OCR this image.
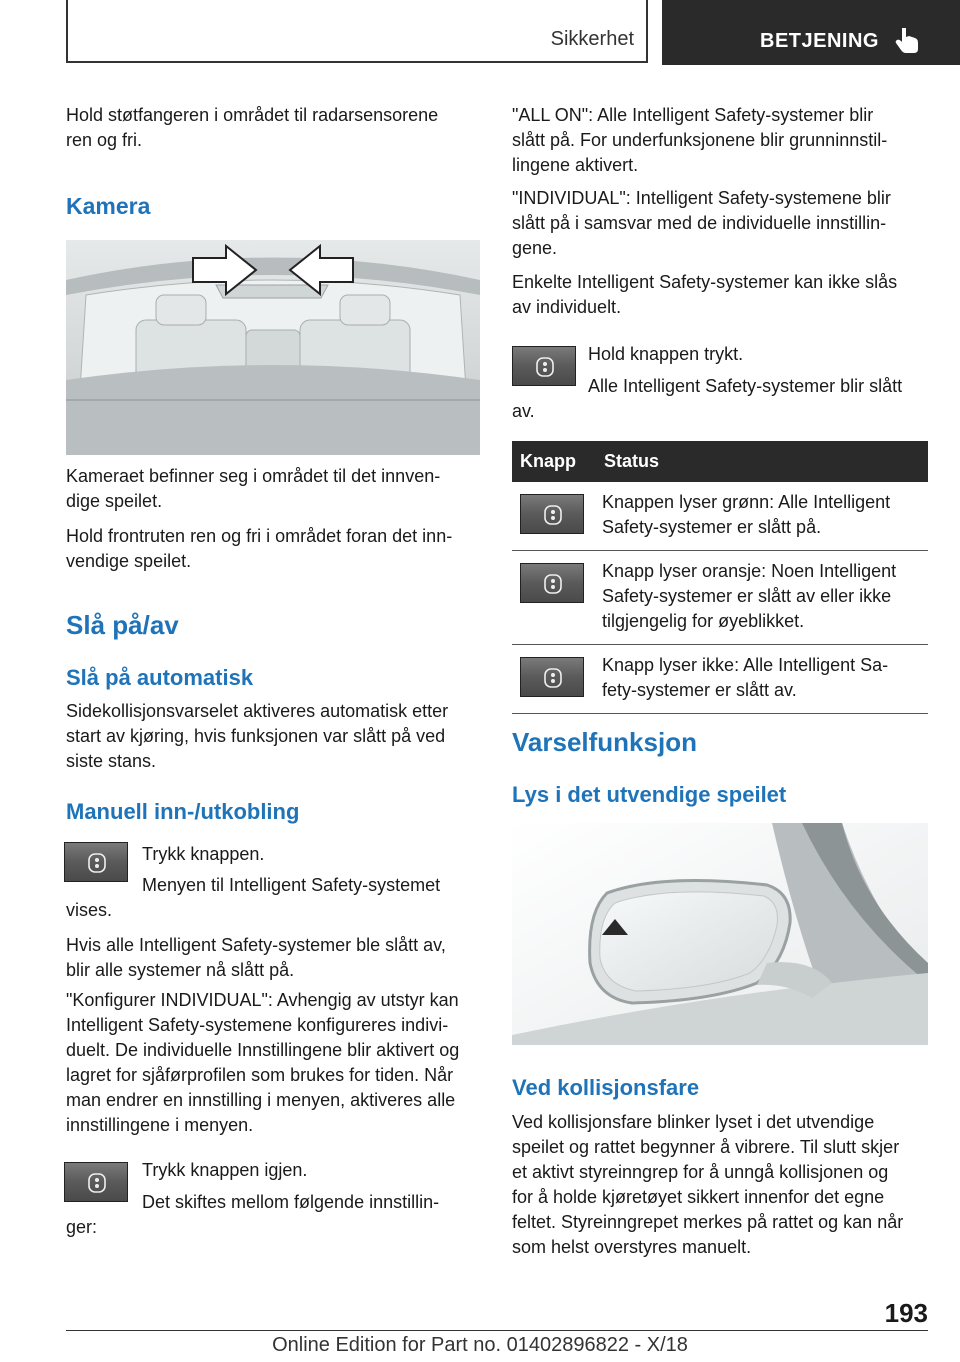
Sikkerhet	BETJENING
Hold støtfangeren i området til radarsensorene
ren og fri.
Kamera
Kameraet befinner seg i området til det innven-
dige speilet.
Hold frontruten ren og fri i området foran det inn-
vendige speilet.
Slå på/av
Slå på automatisk
Sidekollisjonsvarselet aktiveres automatisk etter
start av kjøring, hvis funksjonen var slått på ved
siste stans.
Manuell inn-/utkobling
Trykk knappen.
Menyen til Intelligent Safety-systemet
vises.
Hvis alle Intelligent Safety-systemer ble slått av,
blir alle systemer nå slått på.
"Konfigurer INDIVIDUAL": Avhengig av utstyr kan
Intelligent Safety-systemene konfigureres indivi-
duelt. De individuelle Innstillingene blir aktivert og
lagret for sjåførprofilen som brukes for tiden. Når
man endrer en innstilling i menyen, aktiveres alle
innstillingene i menyen.
Trykk knappen igjen.
Det skiftes mellom følgende innstillin-
ger:
"ALL ON": Alle Intelligent Safety-systemer blir
slått på. For underfunksjonene blir grunninnstil-
lingene aktivert.
"INDIVIDUAL": Intelligent Safety-systemene blir
slått på i samsvar med de individuelle innstillin-
gene.
Enkelte Intelligent Safety-systemer kan ikke slås
av individuelt.
Hold knappen trykt.
Alle Intelligent Safety-systemer blir slått
av.
Knapp	Status

Knappen lyser grønn: Alle Intelligent
Safety-systemer er slått på.

Knapp lyser oransje: Noen Intelligent
Safety-systemer er slått av eller ikke
tilgjengelig for øyeblikket.

Knapp lyser ikke: Alle Intelligent Sa-
fety-systemer er slått av.
Varselfunksjon
Lys i det utvendige speilet
Ved kollisjonsfare
Ved kollisjonsfare blinker lyset i det utvendige
speilet og rattet begynner å vibrere. Til slutt skjer
et aktivt styreinngrep for å unngå kollisjonen og
for å holde kjøretøyet sikkert innenfor det egne
feltet. Styreinngrepet merkes på rattet og kan når
som helst overstyres manuelt.
193
Online Edition for Part no. 01402896822 - X/18
